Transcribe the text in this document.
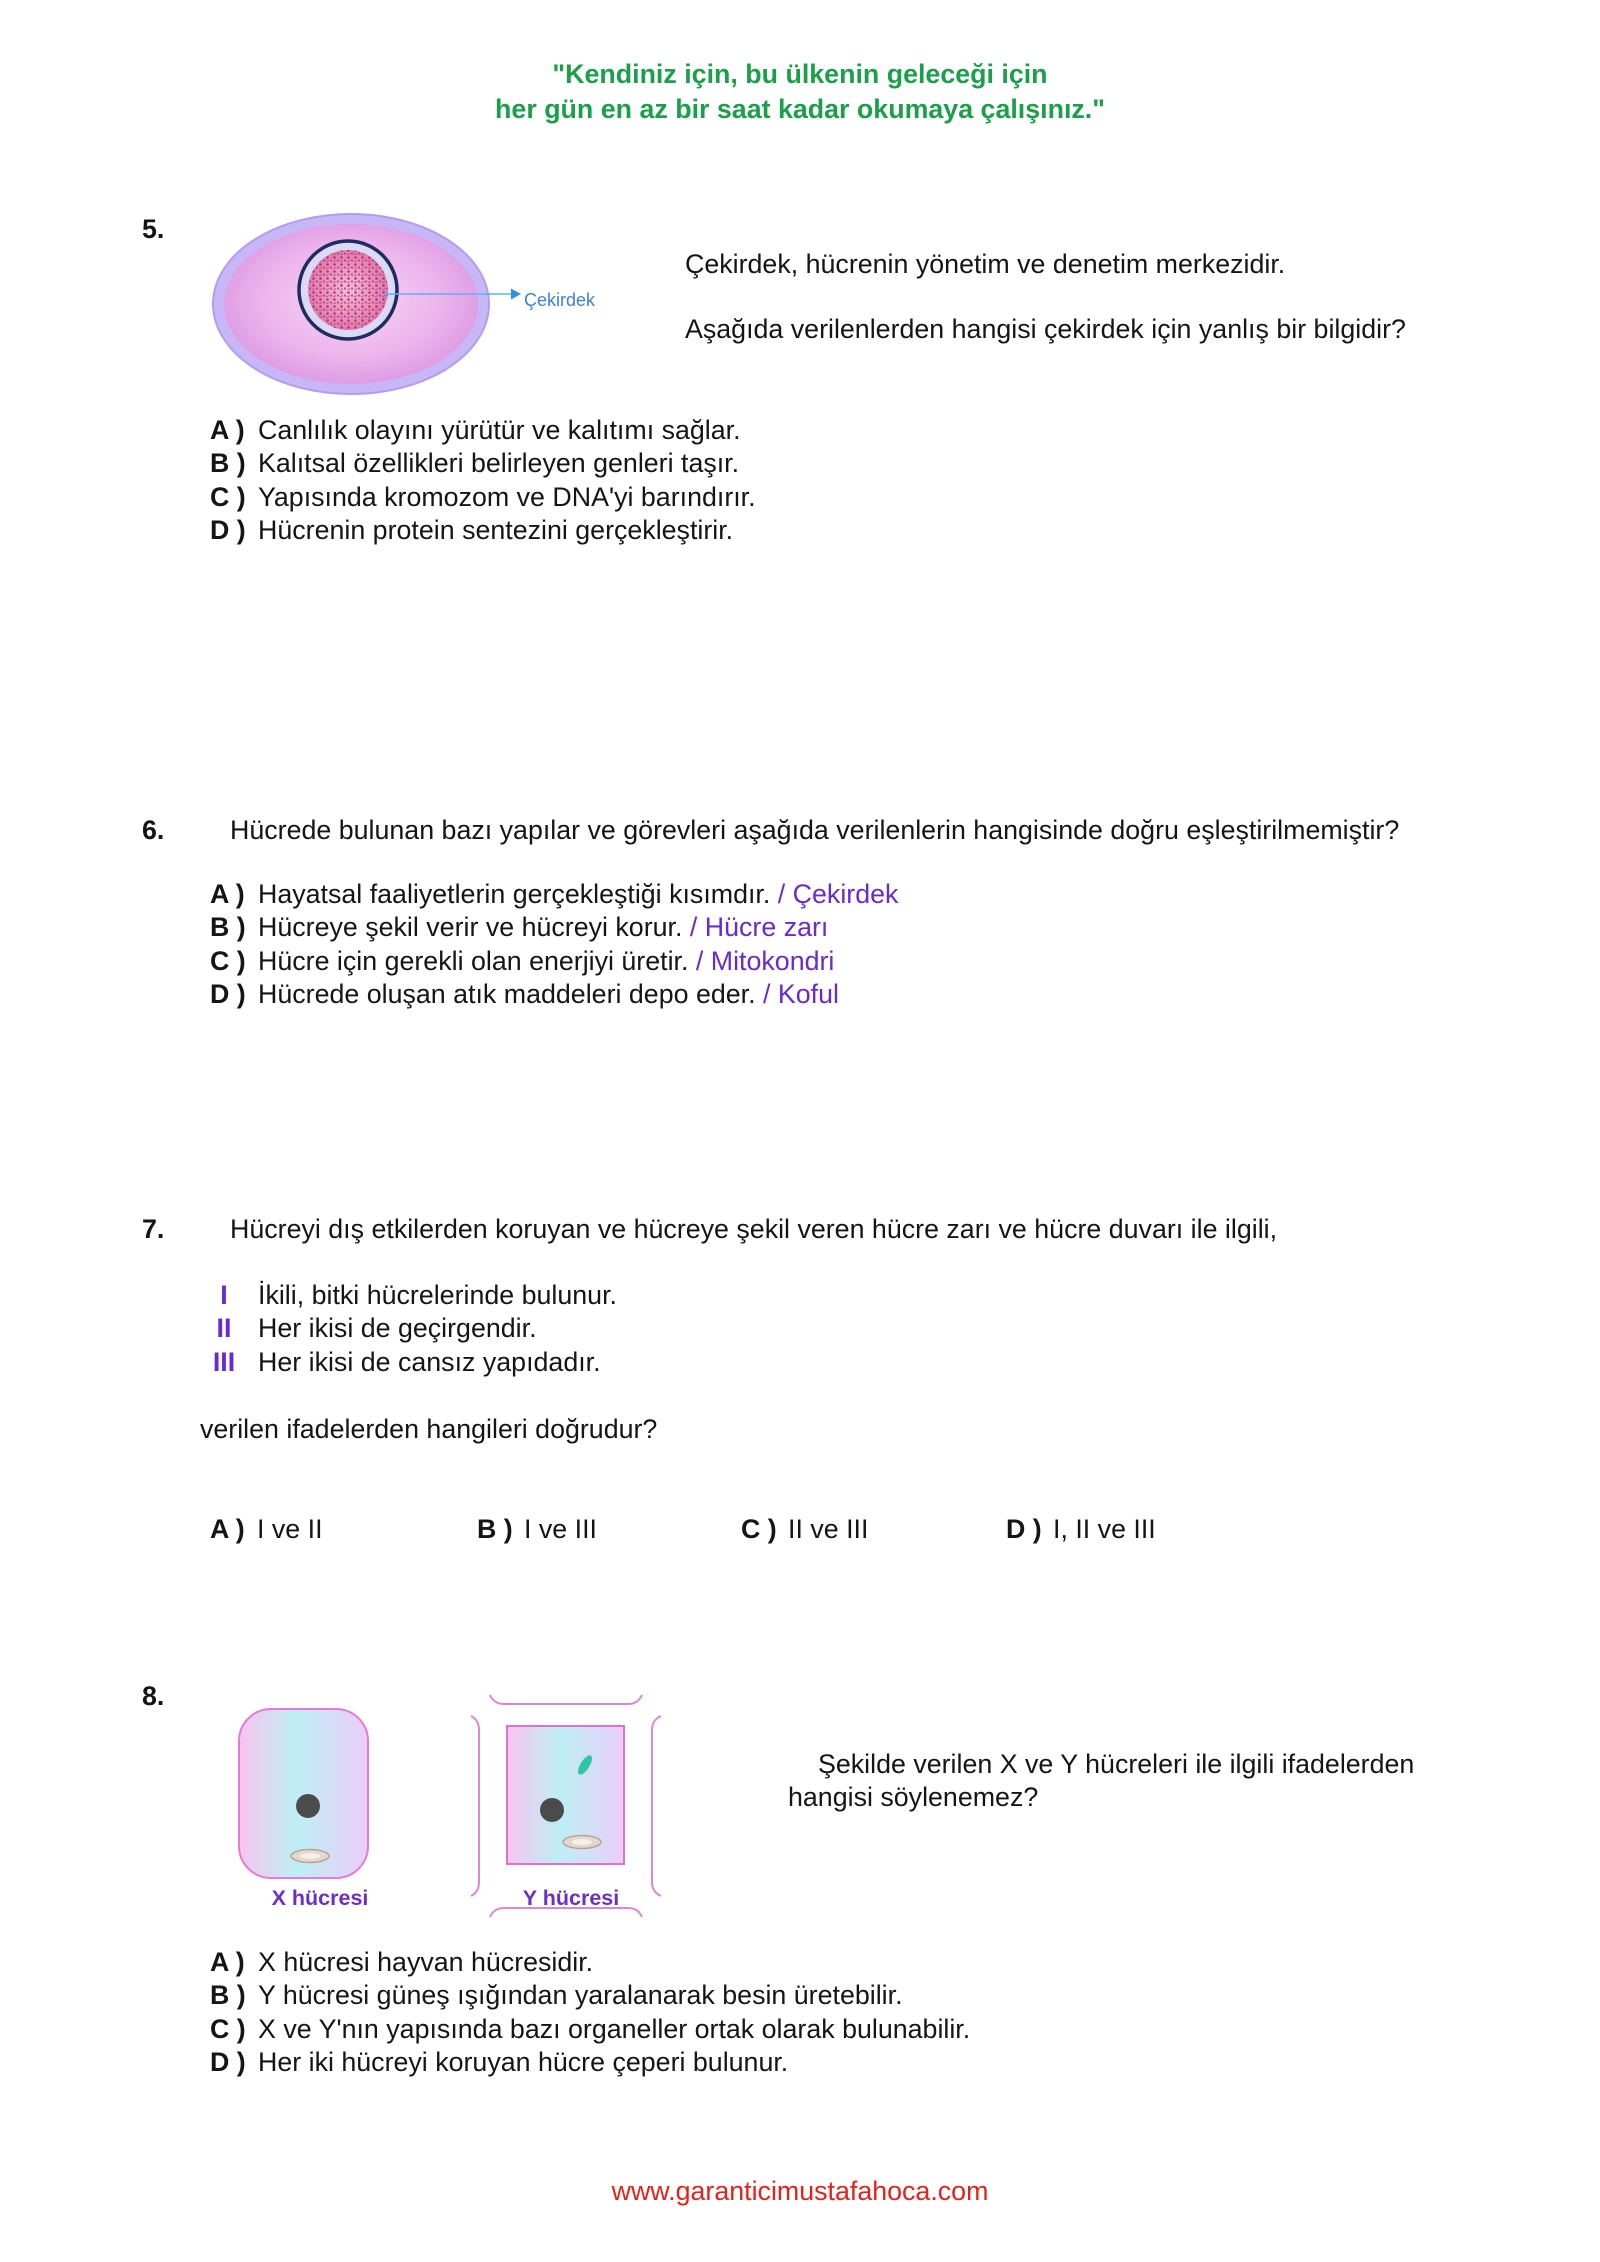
"Kendiniz için, bu ülkenin geleceği için
her gün en az bir saat kadar okumaya çalışınız."
5.
Çekirdek
Çekirdek, hücrenin yönetim ve denetim merkezidir.
Aşağıda verilenlerden hangisi çekirdek için yanlış bir bilgidir?
A ) Canlılık olayını yürütür ve kalıtımı sağlar.
B ) Kalıtsal özellikleri belirleyen genleri taşır.
C ) Yapısında kromozom ve DNA'yi barındırır.
D ) Hücrenin protein sentezini gerçekleştirir.
6. Hücrede bulunan bazı yapılar ve görevleri aşağıda verilenlerin hangisinde doğru eşleştirilmemiştir?
A ) Hayatsal faaliyetlerin gerçekleştiği kısımdır. / Çekirdek
B ) Hücreye şekil verir ve hücreyi korur. / Hücre zarı
C ) Hücre için gerekli olan enerjiyi üretir. / Mitokondri
D ) Hücrede oluşan atık maddeleri depo eder. / Koful
7. Hücreyi dış etkilerden koruyan ve hücreye şekil veren hücre zarı ve hücre duvarı ile ilgili,
I	İkili, bitki hücrelerinde bulunur.
II Her ikisi de geçirgendir.
III Her ikisi de cansız yapıdadır.
verilen ifadelerden hangileri doğrudur?
A ) I ve II	B ) I ve III	C ) II ve III	D ) I, II ve III
8.
X hücresi	Y hücresi
Şekilde verilen X ve Y hücreleri ile ilgili ifadelerden
hangisi söylenemez?
A ) X hücresi hayvan hücresidir.
B ) Y hücresi güneş ışığından yaralanarak besin üretebilir.
C ) X ve Y'nın yapısında bazı organeller ortak olarak bulunabilir.
D ) Her iki hücreyi koruyan hücre çeperi bulunur.
www.garanticimustafahoca.com
